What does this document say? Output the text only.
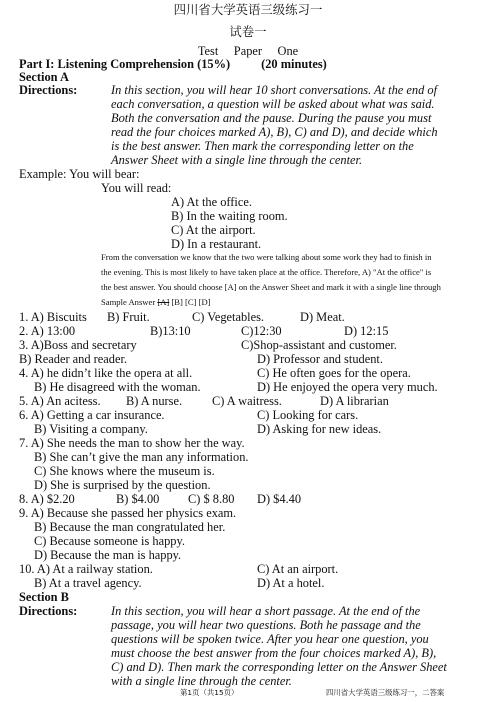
四川省大学英语三级练习一
试卷一
Test     Paper     One
Part I: Listening Comprehension (15%)          (20 minutes)
Section A
Directions:	In this section, you will hear 10 short conversations. At the end of
each conversation, a question will be asked about what was said.
Both the conversation and the pause. During the pause you must
read the four choices marked A), B), C) and D), and decide which
is the best answer. Then mark the corresponding letter on the
Answer Sheet with a single line through the center.
Example: You will bear:
You will read:
A) At the office.
B) In the waiting room.
C) At the airport.
D) In a restaurant.
From the conversation we know that the two were talking about some work they had to finish in
the evening. This is most likely to have taken place at the office. Therefore, A) "At the office" is
the best answer. You should choose [A] on the Answer Sheet and mark it with a single line through
Sample Answer [A] [B] [C] [D]
1. A) Biscuits B) Fruit.	C) Vegetables.	D) Meat.
2. A) 13:00	B)13:10	C)12:30	D) 12:15
3. A)Boss and secretary	C)Shop-assistant and customer.
B) Reader and reader.	D) Professor and student.
4. A) he didn’t like the opera at all.	C) He often goes for the opera.
B) He disagreed with the woman.	D) He enjoyed the opera very much.
5. A) An acitess. B) A nurse. C) A waitress.	D) A librarian
6. A) Getting a car insurance.	C) Looking for cars.
B) Visiting a company.	D) Asking for new ideas.
7. A) She needs the man to show her the way.
B) She can’t give the man any information.
C) She knows where the museum is.
D) She is surprised by the question.
8. A) $2.20	B) $4.00 C) $ 8.80 D) $4.40
9. A) Because she passed her physics exam.
B) Because the man congratulated her.
C) Because someone is happy.
D) Because the man is happy.
10. A) At a railway station.	C) At an airport.
B) At a travel agency.	D) At a hotel.
Section B
Directions:	In this section, you will hear a short passage. At the end of the
passage, you will hear two questions. Both he passage and the
questions will be spoken twice. After you hear one question, you
must choose the best answer from the four choices marked A), B),
C) and D). Then mark the corresponding letter on the Answer Sheet
with a single line through the center.
第1页（共15页）	四川省大学英语三级练习一，二答案
